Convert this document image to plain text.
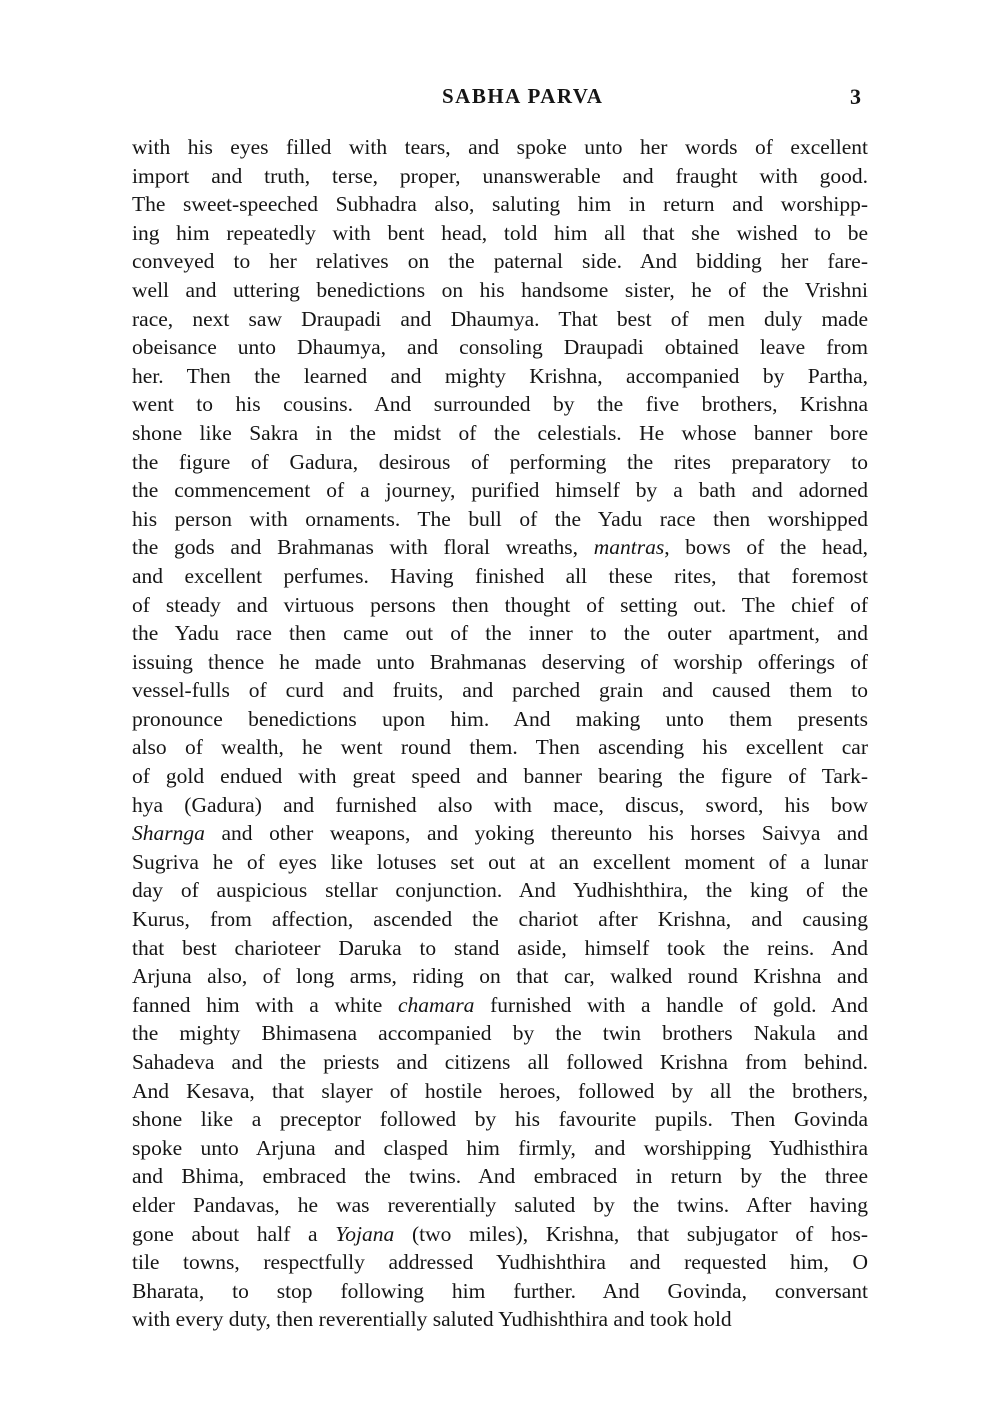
SABHA PARVA	3
with his eyes filled with tears, and spoke unto her words of excellent
import and truth, terse, proper, unanswerable and fraught with good.
The sweet-speeched Subhadra also, saluting him in return and worshipp-
ing him repeatedly with bent head, told him all that she wished to be
conveyed to her relatives on the paternal side. And bidding her fare-
well and uttering benedictions on his handsome sister, he of the Vrishni
race, next saw Draupadi and Dhaumya. That best of men duly made
obeisance unto Dhaumya, and consoling Draupadi obtained leave from
her. Then the learned and mighty Krishna, accompanied by Partha,
went to his cousins. And surrounded by the five brothers, Krishna
shone like Sakra in the midst of the celestials. He whose banner bore
the figure of Gadura, desirous of performing the rites preparatory to
the commencement of a journey, purified himself by a bath and adorned
his person with ornaments. The bull of the Yadu race then worshipped
the gods and Brahmanas with floral wreaths, mantras, bows of the head,
and excellent perfumes. Having finished all these rites, that foremost
of steady and virtuous persons then thought of setting out. The chief of
the Yadu race then came out of the inner to the outer apartment, and
issuing thence he made unto Brahmanas deserving of worship offerings of
vessel-fulls of curd and fruits, and parched grain and caused them to
pronounce benedictions upon him. And making unto them presents
also of wealth, he went round them. Then ascending his excellent car
of gold endued with great speed and banner bearing the figure of Tark-
hya (Gadura) and furnished also with mace, discus, sword, his bow
Sharnga and other weapons, and yoking thereunto his horses Saivya and
Sugriva he of eyes like lotuses set out at an excellent moment of a lunar
day of auspicious stellar conjunction. And Yudhishthira, the king of the
Kurus, from affection, ascended the chariot after Krishna, and causing
that best charioteer Daruka to stand aside, himself took the reins. And
Arjuna also, of long arms, riding on that car, walked round Krishna and
fanned him with a white chamara furnished with a handle of gold. And
the mighty Bhimasena accompanied by the twin brothers Nakula and
Sahadeva and the priests and citizens all followed Krishna from behind.
And Kesava, that slayer of hostile heroes, followed by all the brothers,
shone like a preceptor followed by his favourite pupils. Then Govinda
spoke unto Arjuna and clasped him firmly, and worshipping Yudhisthira
and Bhima, embraced the twins. And embraced in return by the three
elder Pandavas, he was reverentially saluted by the twins. After having
gone about half a Yojana (two miles), Krishna, that subjugator of hos-
tile towns, respectfully addressed Yudhishthira and requested him, O
Bharata, to stop following him further. And Govinda, conversant
with every duty, then reverentially saluted Yudhishthira and took hold
